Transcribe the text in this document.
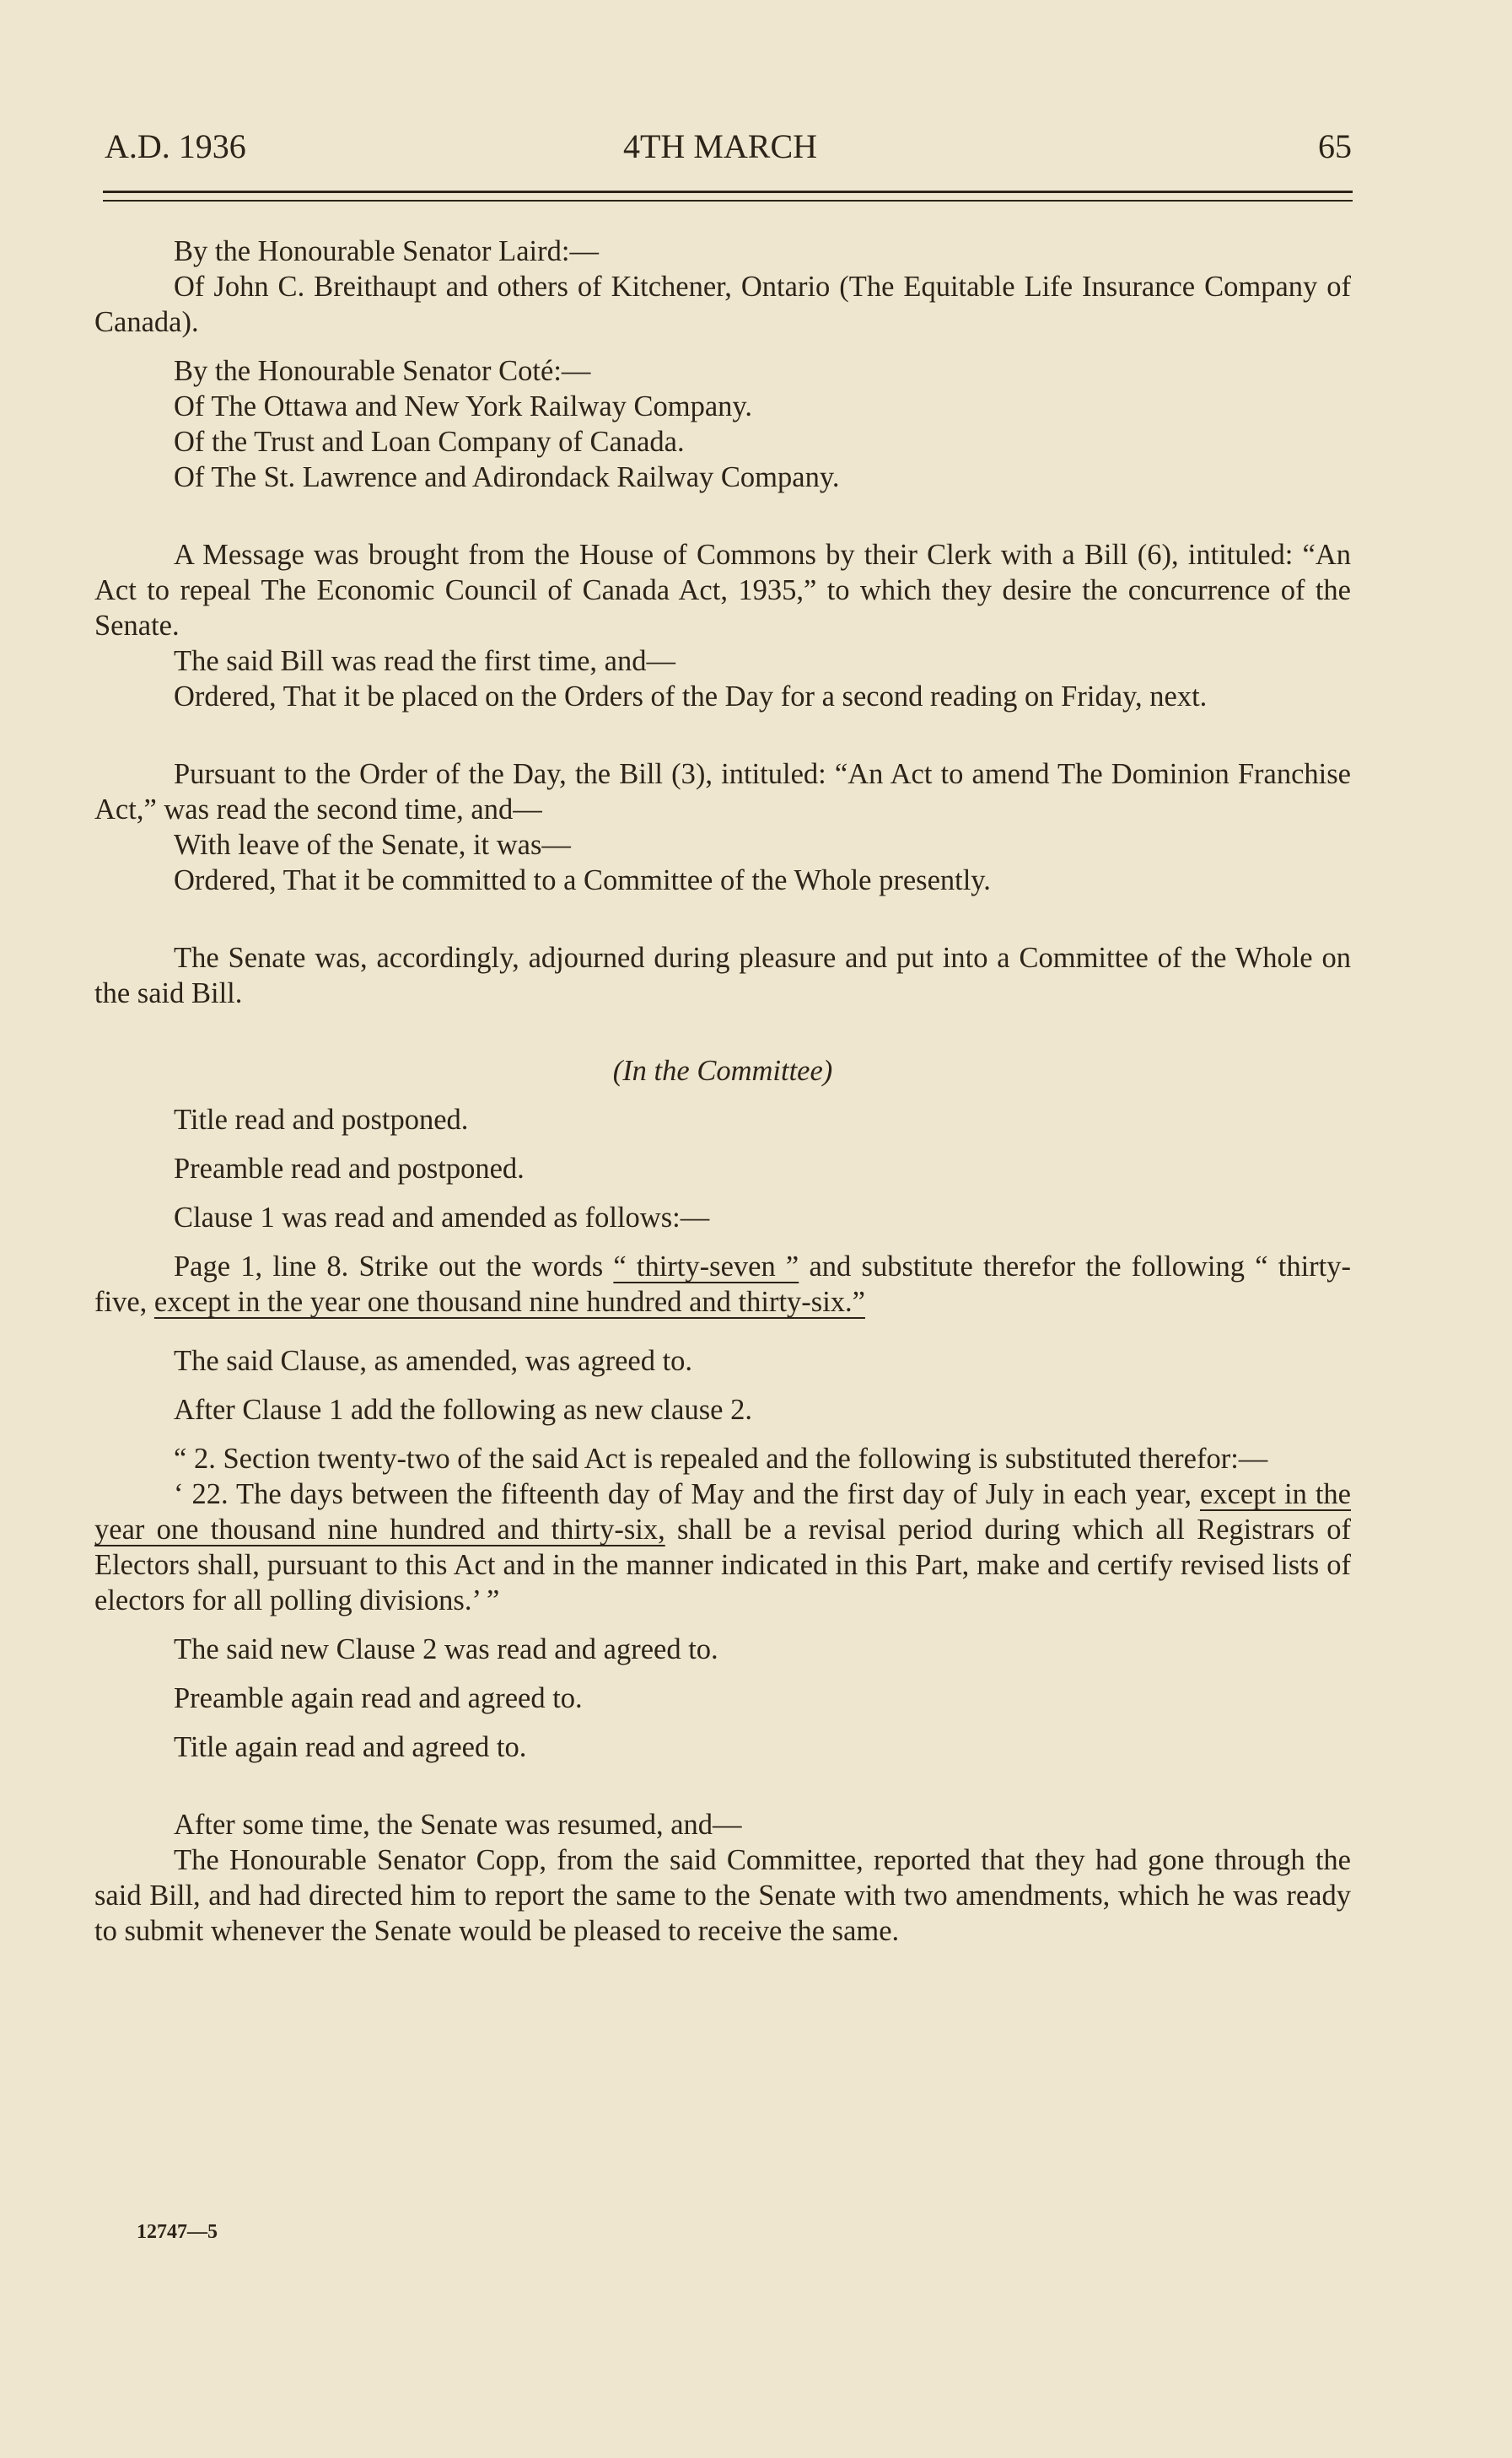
A.D. 1936	4TH MARCH	65

By the Honourable Senator Laird:—

Of John C. Breithaupt and others of Kitchener, Ontario (The Equitable Life Insurance Company of Canada).

By the Honourable Senator Coté:—

Of The Ottawa and New York Railway Company.

Of the Trust and Loan Company of Canada.

Of The St. Lawrence and Adirondack Railway Company.

A Message was brought from the House of Commons by their Clerk with a Bill (6), intituled: “An Act to repeal The Economic Council of Canada Act, 1935,” to which they desire the concurrence of the Senate.

The said Bill was read the first time, and—

Ordered, That it be placed on the Orders of the Day for a second reading on Friday, next.

Pursuant to the Order of the Day, the Bill (3), intituled: “An Act to amend The Dominion Franchise Act,” was read the second time, and—

With leave of the Senate, it was—

Ordered, That it be committed to a Committee of the Whole presently.

The Senate was, accordingly, adjourned during pleasure and put into a Committee of the Whole on the said Bill.

(In the Committee)

Title read and postponed.

Preamble read and postponed.

Clause 1 was read and amended as follows:—

Page 1, line 8. Strike out the words “ thirty-seven ” and substitute therefor the following “ thirty-five, except in the year one thousand nine hundred and thirty-six.”

The said Clause, as amended, was agreed to.

After Clause 1 add the following as new clause 2.

“ 2. Section twenty-two of the said Act is repealed and the following is substituted therefor:—

‘ 22. The days between the fifteenth day of May and the first day of July in each year, except in the year one thousand nine hundred and thirty-six, shall be a revisal period during which all Registrars of Electors shall, pursuant to this Act and in the manner indicated in this Part, make and certify revised lists of electors for all polling divisions.’ ”

The said new Clause 2 was read and agreed to.

Preamble again read and agreed to.

Title again read and agreed to.

After some time, the Senate was resumed, and—

The Honourable Senator Copp, from the said Committee, reported that they had gone through the said Bill, and had directed him to report the same to the Senate with two amendments, which he was ready to submit whenever the Senate would be pleased to receive the same.

12747—5
